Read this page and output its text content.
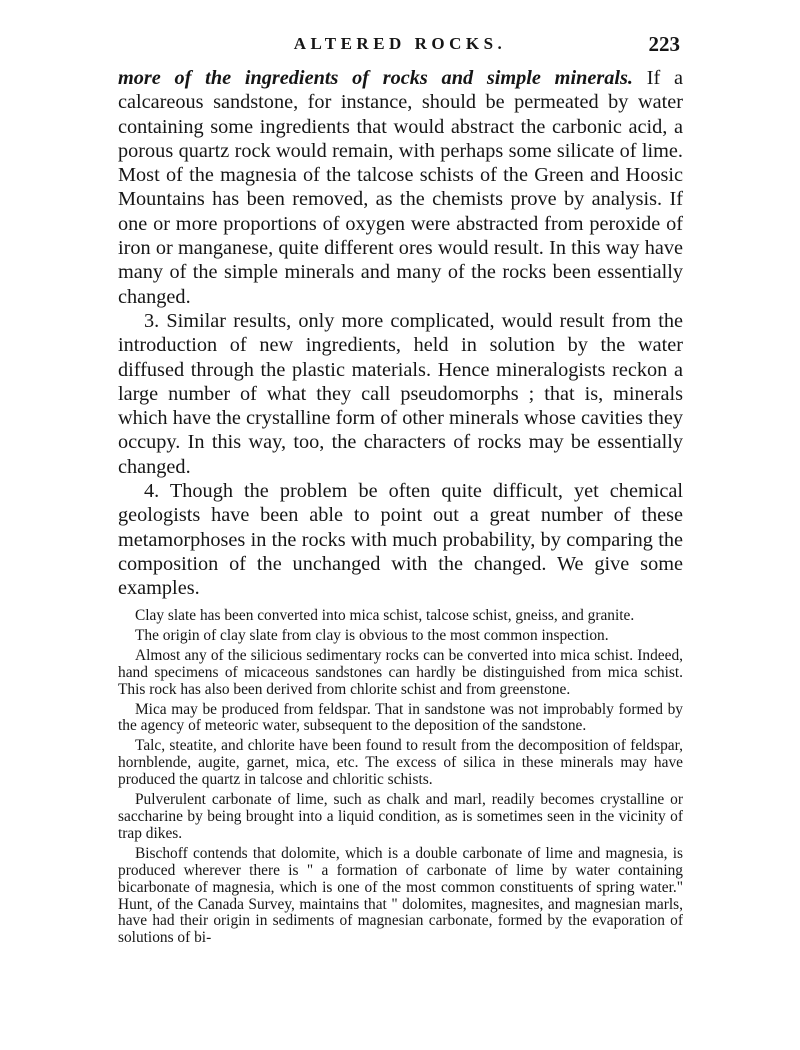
ALTERED ROCKS.	223

more of the ingredients of rocks and simple minerals. If a calcareous sandstone, for instance, should be permeated by water containing some ingredients that would abstract the carbonic acid, a porous quartz rock would remain, with perhaps some silicate of lime. Most of the magnesia of the talcose schists of the Green and Hoosic Mountains has been removed, as the chemists prove by analysis. If one or more proportions of oxygen were abstracted from peroxide of iron or manganese, quite different ores would result. In this way have many of the simple minerals and many of the rocks been essentially changed.

3. Similar results, only more complicated, would result from the introduction of new ingredients, held in solution by the water diffused through the plastic materials. Hence mineralogists reckon a large number of what they call pseudomorphs ; that is, minerals which have the crystalline form of other minerals whose cavities they occupy. In this way, too, the characters of rocks may be essentially changed.

4. Though the problem be often quite difficult, yet chemical geologists have been able to point out a great number of these metamorphoses in the rocks with much probability, by comparing the composition of the unchanged with the changed. We give some examples.

Clay slate has been converted into mica schist, talcose schist, gneiss, and granite.

The origin of clay slate from clay is obvious to the most common inspection.

Almost any of the silicious sedimentary rocks can be converted into mica schist. Indeed, hand specimens of micaceous sandstones can hardly be distinguished from mica schist. This rock has also been derived from chlorite schist and from greenstone.

Mica may be produced from feldspar. That in sandstone was not improbably formed by the agency of meteoric water, subsequent to the deposition of the sandstone.

Talc, steatite, and chlorite have been found to result from the decomposition of feldspar, hornblende, augite, garnet, mica, etc. The excess of silica in these minerals may have produced the quartz in talcose and chloritic schists.

Pulverulent carbonate of lime, such as chalk and marl, readily becomes crystalline or saccharine by being brought into a liquid condition, as is sometimes seen in the vicinity of trap dikes.

Bischoff contends that dolomite, which is a double carbonate of lime and magnesia, is produced wherever there is " a formation of carbonate of lime by water containing bicarbonate of magnesia, which is one of the most common constituents of spring water." Hunt, of the Canada Survey, maintains that " dolomites, magnesites, and magnesian marls, have had their origin in sediments of magnesian carbonate, formed by the evaporation of solutions of bi-
